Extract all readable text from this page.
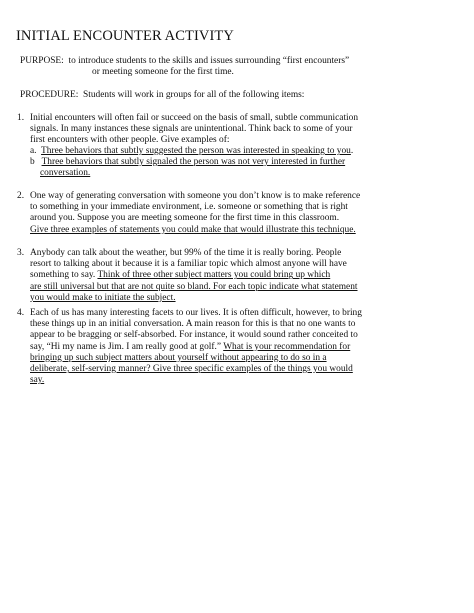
INITIAL ENCOUNTER ACTIVITY
PURPOSE: to introduce students to the skills and issues surrounding “first encounters”
or meeting someone for the first time.
PROCEDURE: Students will work in groups for all of the following items:
1. Initial encounters will often fail or succeed on the basis of small, subtle communication
signals. In many instances these signals are unintentional. Think back to some of your
first encounters with other people. Give examples of:
a. Three behaviors that subtly suggested the person was interested in speaking to you.
b Three behaviors that subtly signaled the person was not very interested in further
conversation.
2. One way of generating conversation with someone you don’t know is to make reference
to something in your immediate environment, i.e. someone or something that is right
around you. Suppose you are meeting someone for the first time in this classroom.
Give three examples of statements you could make that would illustrate this technique.
3. Anybody can talk about the weather, but 99% of the time it is really boring. People
resort to talking about it because it is a familiar topic which almost anyone will have
something to say. Think of three other subject matters you could bring up which
are still universal but that are not quite so bland. For each topic indicate what statement
you would make to initiate the subject.
4. Each of us has many interesting facets to our lives. It is often difficult, however, to bring
these things up in an initial conversation. A main reason for this is that no one wants to
appear to be bragging or self-absorbed. For instance, it would sound rather conceited to
say, “Hi my name is Jim. I am really good at golf.” What is your recommendation for
bringing up such subject matters about yourself without appearing to do so in a
deliberate, self-serving manner? Give three specific examples of the things you would
say.
